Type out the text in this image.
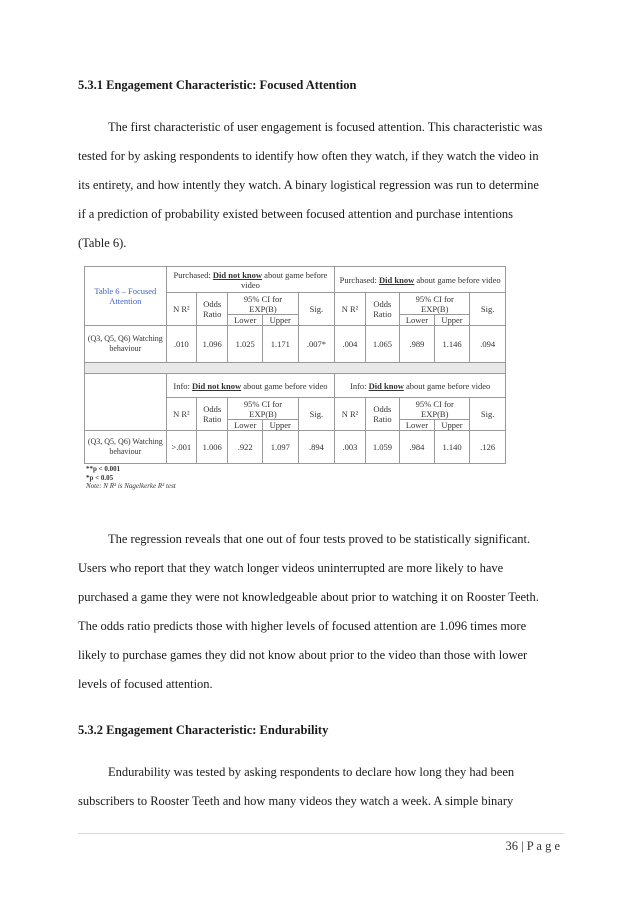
5.3.1 Engagement Characteristic: Focused Attention

The first characteristic of user engagement is focused attention. This characteristic was
tested for by asking respondents to identify how often they watch, if they watch the video in
its entirety, and how intently they watch. A binary logistical regression was run to determine
if a prediction of probability existed between focused attention and purchase intentions
(Table 6).

Table 6 – Focused Attention	Purchased: Did not know about game before video					Purchased: Did know about game before video				
	N R²	Odds Ratio	95% CI for EXP(B)		Sig.	N R²	Odds Ratio	95% CI for EXP(B)		Sig.
			Lower	Upper				Lower	Upper	
(Q3, Q5, Q6) Watching behaviour	.010	1.096	1.025	1.171	.007*	.004	1.065	.989	1.146	.094

	Info: Did not know about game before video					Info: Did know about game before video				
	N R²	Odds Ratio	95% CI for EXP(B)		Sig.	N R²	Odds Ratio	95% CI for EXP(B)		Sig.
			Lower	Upper				Lower	Upper	
(Q3, Q5, Q6) Watching behaviour	>.001	1.006	.922	1.097	.894	.003	1.059	.984	1.140	.126
**p < 0.001
*p < 0.05
Note: N R² is Nagelkerke R² test

The regression reveals that one out of four tests proved to be statistically significant.
Users who report that they watch longer videos uninterrupted are more likely to have
purchased a game they were not knowledgeable about prior to watching it on Rooster Teeth.
The odds ratio predicts those with higher levels of focused attention are 1.096 times more
likely to purchase games they did not know about prior to the video than those with lower
levels of focused attention.

5.3.2 Engagement Characteristic: Endurability

Endurability was tested by asking respondents to declare how long they had been
subscribers to Rooster Teeth and how many videos they watch a week. A simple binary

36 | P a g e
